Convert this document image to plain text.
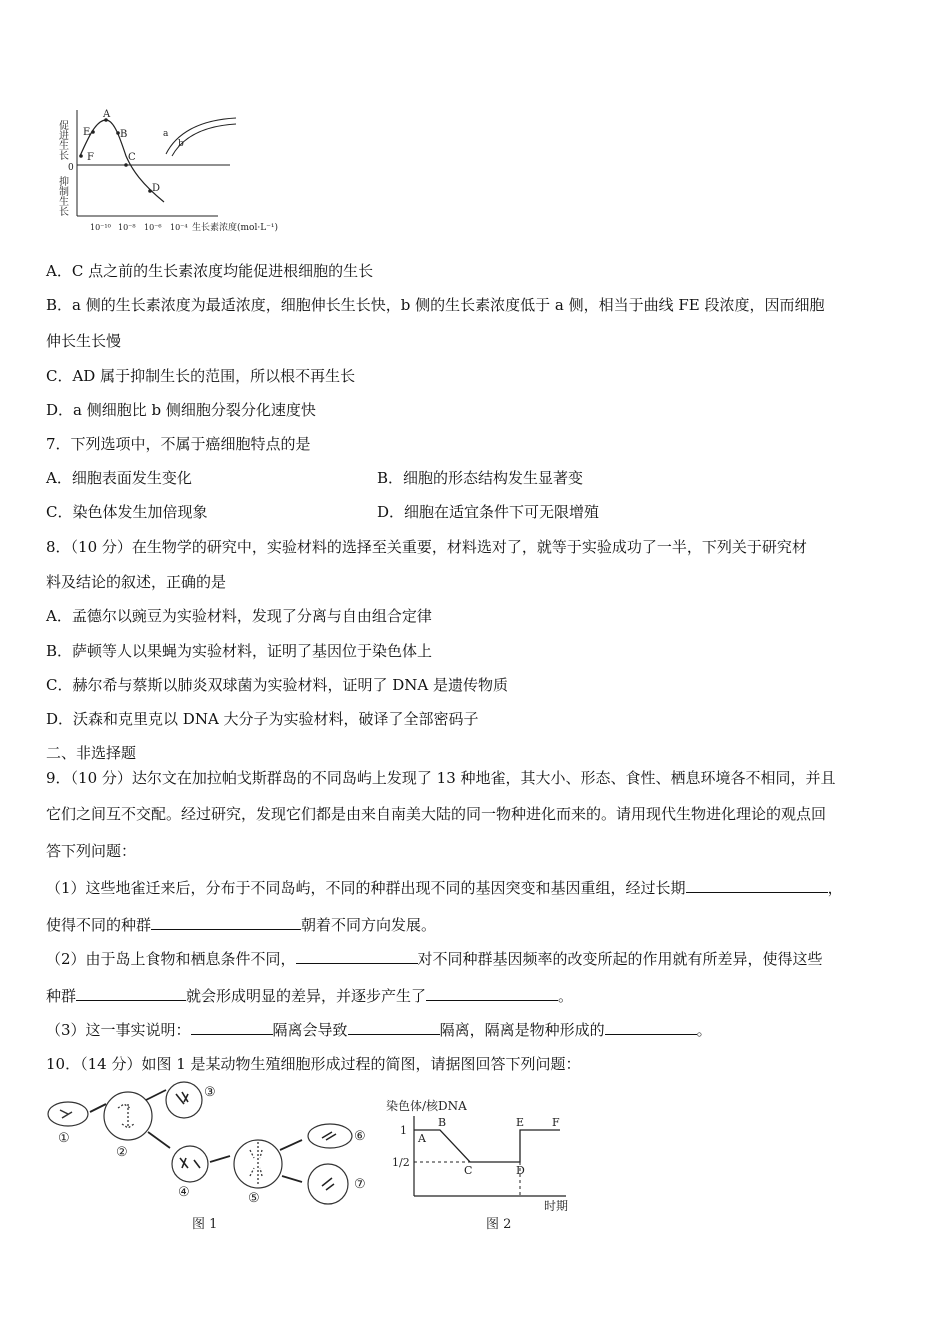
促进生长
0
抑制生长
A
B
C
D
E
F
a
b
10⁻¹⁰ 10⁻⁸ 10⁻⁶ 10⁻⁴ 生长素浓度(mol·L⁻¹)
A．C 点之前的生长素浓度均能促进根细胞的生长
B．a 侧的生长素浓度为最适浓度，细胞伸长生长快，b 侧的生长素浓度低于 a 侧，相当于曲线 FE 段浓度，因而细胞
伸长生长慢
C．AD 属于抑制生长的范围，所以根不再生长
D．a 侧细胞比 b 侧细胞分裂分化速度快
7．下列选项中，不属于癌细胞特点的是
A．细胞表面发生变化	B．细胞的形态结构发生显著变
C．染色体发生加倍现象	D．细胞在适宜条件下可无限增殖
8．（10 分）在生物学的研究中，实验材料的选择至关重要，材料选对了，就等于实验成功了一半，下列关于研究材
料及结论的叙述，正确的是
A．孟德尔以豌豆为实验材料，发现了分离与自由组合定律
B．萨顿等人以果蝇为实验材料，证明了基因位于染色体上
C．赫尔希与蔡斯以肺炎双球菌为实验材料，证明了 DNA 是遗传物质
D．沃森和克里克以 DNA 大分子为实验材料，破译了全部密码子
二、非选择题
9．（10 分）达尔文在加拉帕戈斯群岛的不同岛屿上发现了 13 种地雀，其大小、形态、食性、栖息环境各不相同，并且
它们之间互不交配。经过研究，发现它们都是由来自南美大陆的同一物种进化而来的。请用现代生物进化理论的观点回
答下列问题：
（1）这些地雀迁来后，分布于不同岛屿，不同的种群出现不同的基因突变和基因重组，经过长期	，
使得不同的种群	朝着不同方向发展。
（2）由于岛上食物和栖息条件不同，	对不同种群基因频率的改变所起的作用就有所差异，使得这些
种群	就会形成明显的差异，并逐步产生了	。
（3）这一事实说明：	隔离会导致	隔离，隔离是物种形成的	。
10．（14 分）如图 1 是某动物生殖细胞形成过程的简图，请据图回答下列问题：
①
②
③
④	⑤
⑥
⑦
图 1
染色体/核DNA
1
1/2
A
B
C	D
E	F
时期
图 2
